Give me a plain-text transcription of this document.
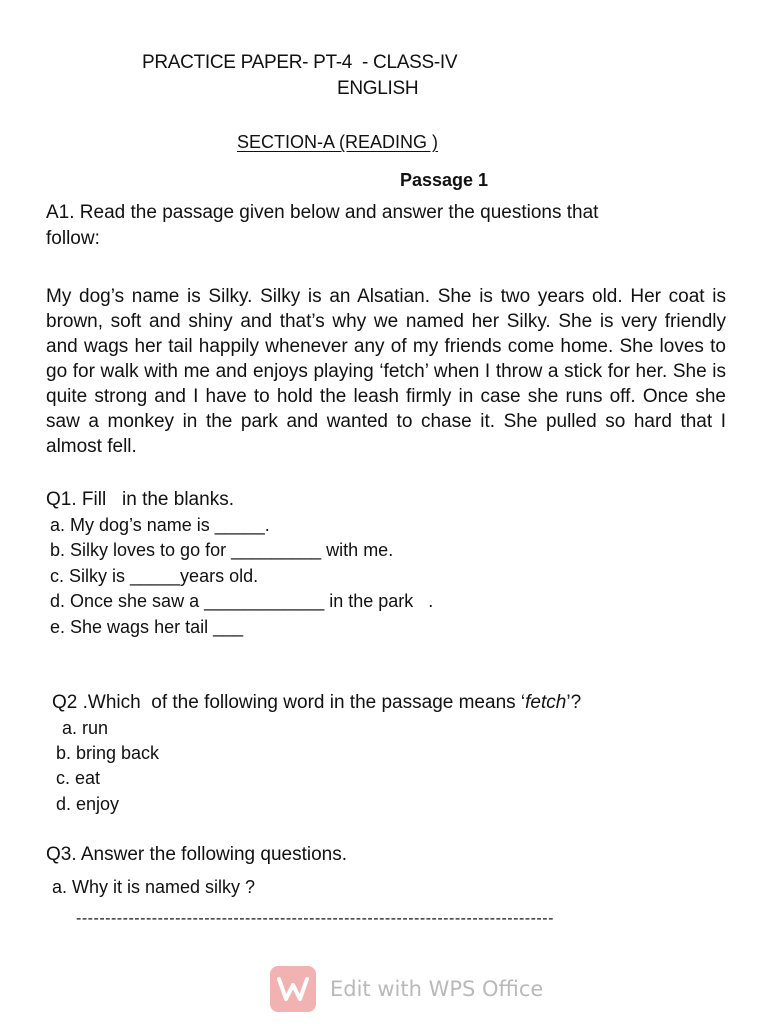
PRACTICE PAPER- PT-4  - CLASS-IV
ENGLISH
SECTION-A (READING )
Passage 1
A1. Read the passage given below and answer the questions that
follow:
My dog’s name is Silky. Silky is an Alsatian. She is two years old. Her coat is brown, soft and shiny and that’s why we named her Silky. She is very friendly and wags her tail happily whenever any of my friends come home. She loves to go for walk with me and enjoys playing ‘fetch’ when I throw a stick for her. She is quite strong and I have to hold the leash firmly in case she runs off. Once she saw a monkey in the park and wanted to chase it. She pulled so hard that I almost fell.
Q1. Fill   in the blanks.
a. My dog’s name is _____.
b. Silky loves to go for _________ with me.
c. Silky is _____years old.
d. Once she saw a ____________ in the park   .
e. She wags her tail ___
Q2 .Which  of the following word in the passage means ‘fetch’?
a. run
b. bring back
c. eat
d. enjoy
Q3. Answer the following questions.
a. Why it is named silky ?
----------------------------------------------------------------------------------
Edit with WPS Office
